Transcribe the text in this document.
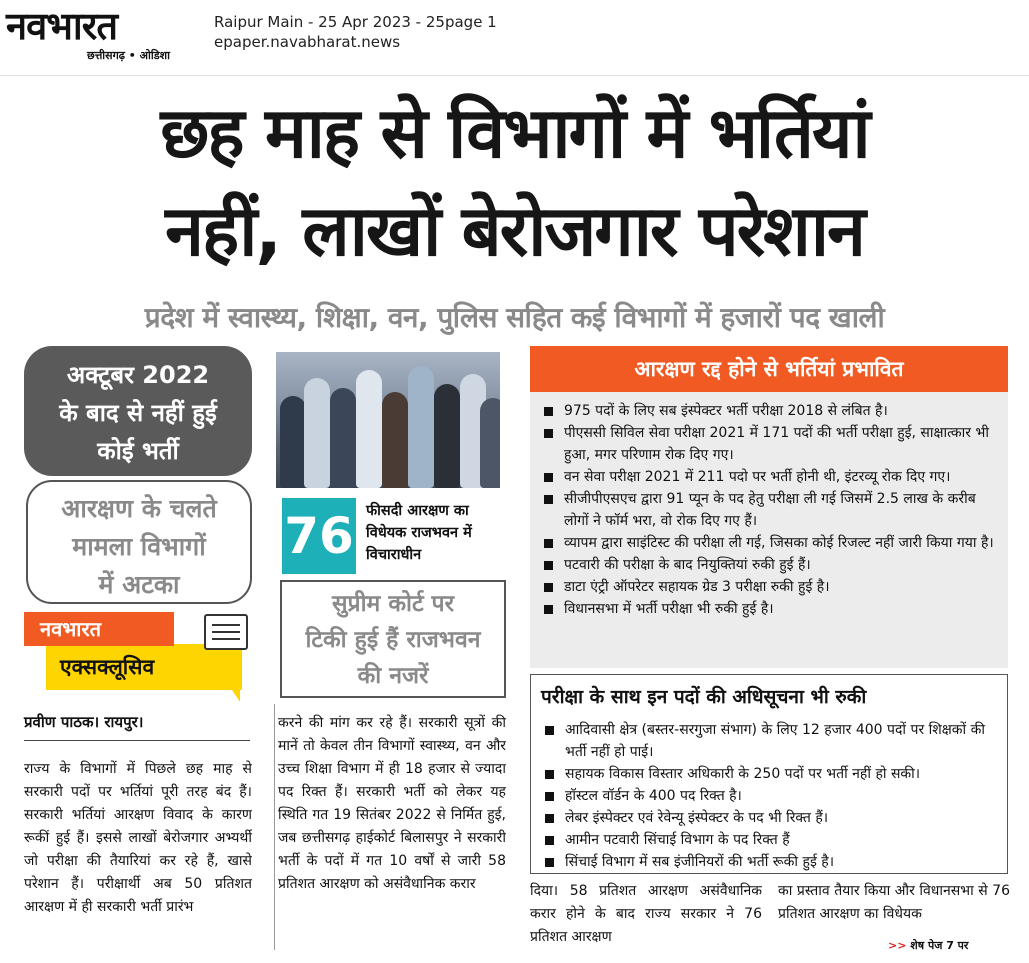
नवभारत
छत्तीसगढ़ • ओडिशा
Raipur Main - 25 Apr 2023 - 25page 1
epaper.navabharat.news
छह माह से विभागों में भर्तियां
नहीं, लाखों बेरोजगार परेशान
प्रदेश में स्वास्थ्य, शिक्षा, वन, पुलिस सहित कई विभागों में हजारों पद खाली
अक्टूबर 2022
के बाद से नहीं हुई
कोई भर्ती
आरक्षण के चलते
मामला विभागों
में अटका
एक्सक्लूसिव
नवभारत
प्रवीण पाठक। रायपुर।
राज्य के विभागों में पिछले छह माह से सरकारी पदों पर भर्तियां पूरी तरह बंद हैं। सरकारी भर्तियां आरक्षण विवाद के कारण रूकीं हुई हैं। इससे लाखों बेरोजगार अभ्यर्थी जो परीक्षा की तैयारियां कर रहे हैं, खासे परेशान हैं। परीक्षार्थी अब 50 प्रतिशत आरक्षण में ही सरकारी भर्ती प्रारंभ
76 फीसदी आरक्षण का विधेयक राजभवन में विचाराधीन
सुप्रीम कोर्ट पर
टिकी हुई हैं राजभवन
की नजरें
करने की मांग कर रहे हैं। सरकारी सूत्रों की मानें तो केवल तीन विभागों स्वास्थ्य, वन और उच्च शिक्षा विभाग में ही 18 हजार से ज्यादा पद रिक्त हैं। सरकारी भर्ती को लेकर यह स्थिति गत 19 सितंबर 2022 से निर्मित हुई, जब छत्तीसगढ़ हाईकोर्ट बिलासपुर ने सरकारी भर्ती के पदों में गत 10 वर्षों से जारी 58 प्रतिशत आरक्षण को असंवैधानिक करार
आरक्षण रद्द होने से भर्तियां प्रभावित
975 पदों के लिए सब इंस्पेक्टर भर्ती परीक्षा 2018 से लंबित है।
पीएससी सिविल सेवा परीक्षा 2021 में 171 पदों की भर्ती परीक्षा हुई, साक्षात्कार भी हुआ, मगर परिणाम रोक दिए गए।
वन सेवा परीक्षा 2021 में 211 पदो पर भर्ती होनी थी, इंटरव्यू रोक दिए गए।
सीजीपीएसएच द्वारा 91 प्यून के पद हेतु परीक्षा ली गई जिसमें 2.5 लाख के करीब लोगों ने फॉर्म भरा, वो रोक दिए गए हैं।
व्यापम द्वारा साइंटिस्ट की परीक्षा ली गई, जिसका कोई रिजल्ट नहीं जारी किया गया है।
पटवारी की परीक्षा के बाद नियुक्तियां रुकी हुई हैं।
डाटा एंट्री ऑपरेटर सहायक ग्रेड 3 परीक्षा रुकी हुई है।
विधानसभा में भर्ती परीक्षा भी रुकी हुई है।
परीक्षा के साथ इन पदों की अधिसूचना भी रुकी
आदिवासी क्षेत्र (बस्तर-सरगुजा संभाग) के लिए 12 हजार 400 पदों पर शिक्षकों की भर्ती नहीं हो पाई।
सहायक विकास विस्तार अधिकारी के 250 पदों पर भर्ती नहीं हो सकी।
हॉस्टल वॉर्डन के 400 पद रिक्त है।
लेबर इंस्पेक्टर एवं रेवेन्यू इंस्पेक्टर के पद भी रिक्त हैं।
आमीन पटवारी सिंचाई विभाग के पद रिक्त हैं
सिंचाई विभाग में सब इंजीनियरों की भर्ती रूकी हुई है।
दिया। 58 प्रतिशत आरक्षण असंवैधानिक करार होने के बाद राज्य सरकार ने 76 प्रतिशत आरक्षण
का प्रस्ताव तैयार किया और विधानसभा से 76 प्रतिशत आरक्षण का विधेयक
>> शेष पेज 7 पर
